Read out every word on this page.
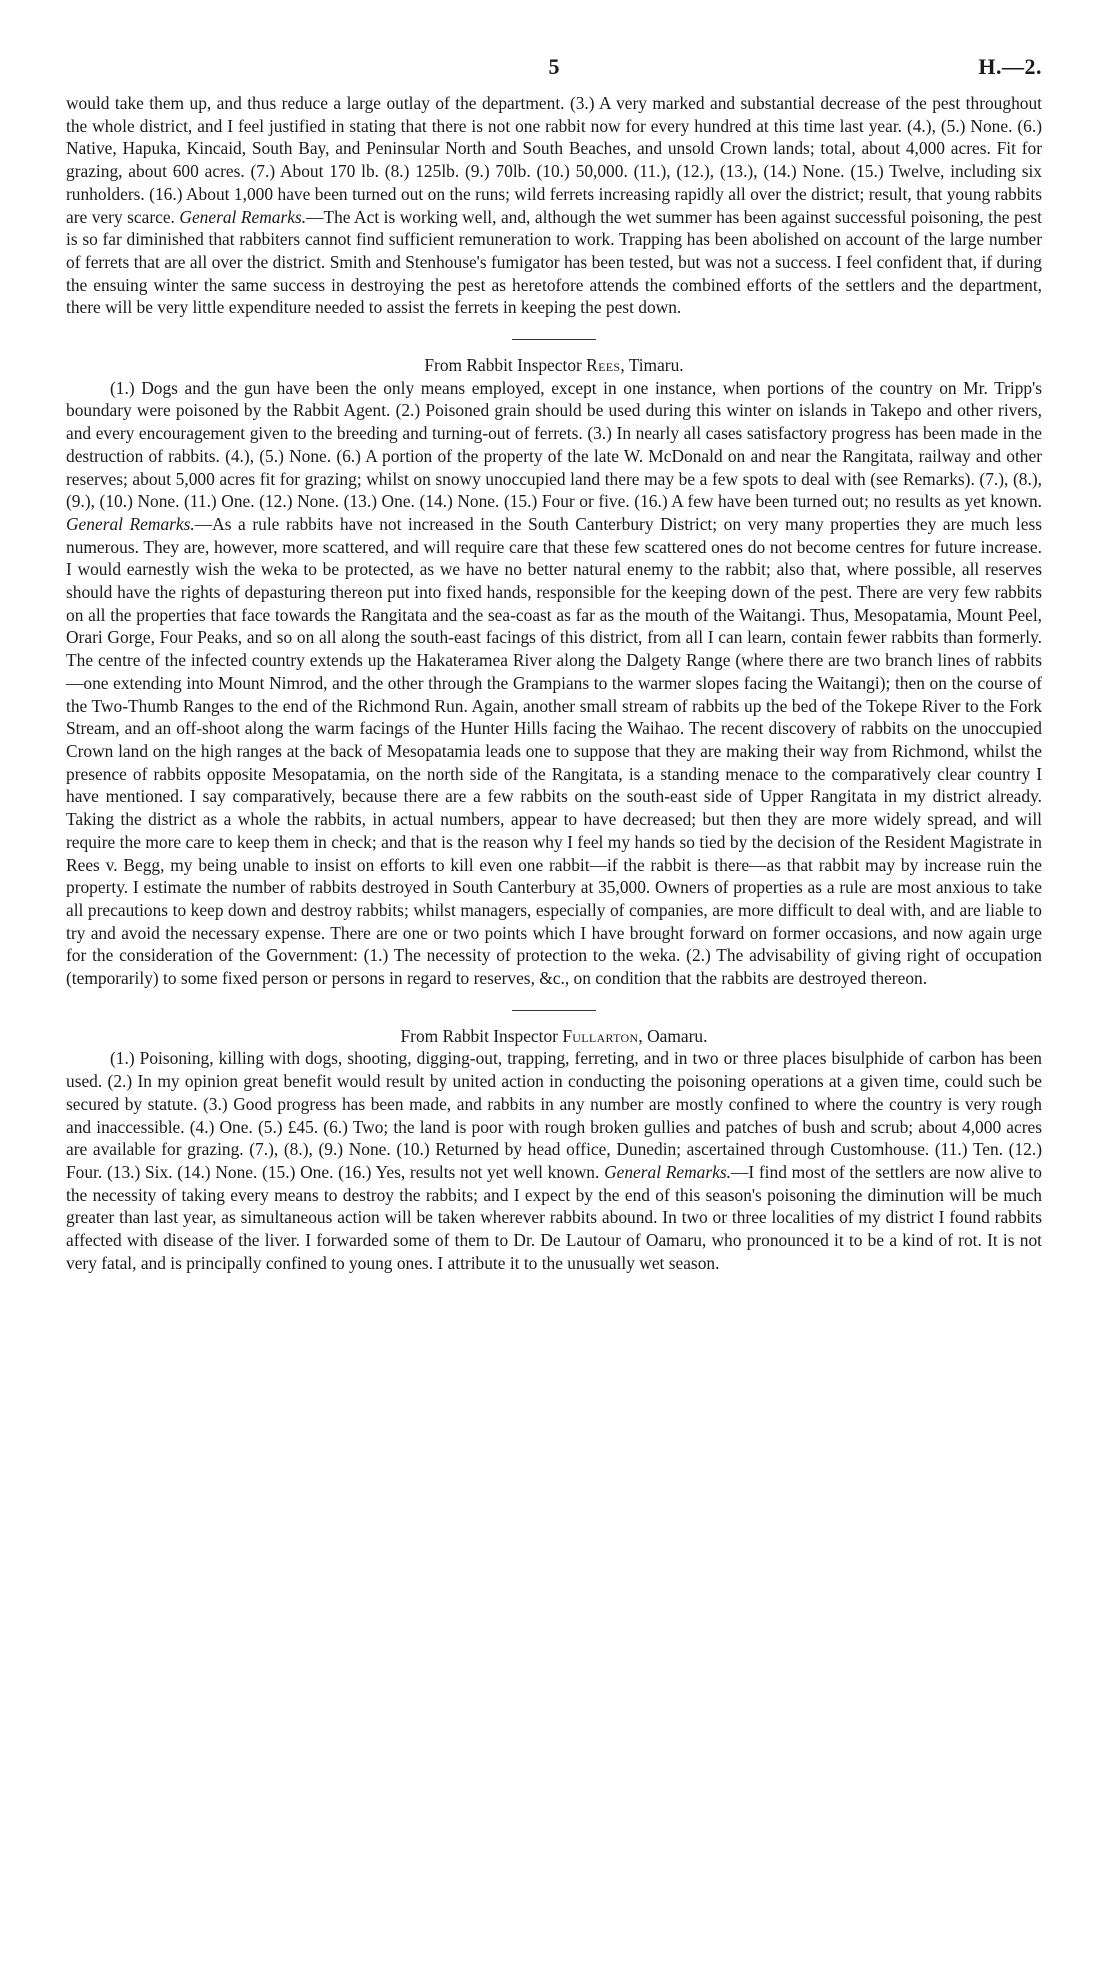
5	H.—2.

would take them up, and thus reduce a large outlay of the department. (3.) A very marked and substantial decrease of the pest throughout the whole district, and I feel justified in stating that there is not one rabbit now for every hundred at this time last year. (4.), (5.) None. (6.) Native, Hapuka, Kincaid, South Bay, and Peninsular North and South Beaches, and unsold Crown lands; total, about 4,000 acres. Fit for grazing, about 600 acres. (7.) About 170 lb. (8.) 125lb. (9.) 70lb. (10.) 50,000. (11.), (12.), (13.), (14.) None. (15.) Twelve, including six runholders. (16.) About 1,000 have been turned out on the runs; wild ferrets increasing rapidly all over the district; result, that young rabbits are very scarce. General Remarks.—The Act is working well, and, although the wet summer has been against successful poisoning, the pest is so far diminished that rabbiters cannot find sufficient remuneration to work. Trapping has been abolished on account of the large number of ferrets that are all over the district. Smith and Stenhouse's fumigator has been tested, but was not a success. I feel confident that, if during the ensuing winter the same success in destroying the pest as heretofore attends the combined efforts of the settlers and the department, there will be very little expenditure needed to assist the ferrets in keeping the pest down.

From Rabbit Inspector Rees, Timaru.

(1.) Dogs and the gun have been the only means employed, except in one instance, when portions of the country on Mr. Tripp's boundary were poisoned by the Rabbit Agent. (2.) Poisoned grain should be used during this winter on islands in Takepo and other rivers, and every encouragement given to the breeding and turning-out of ferrets. (3.) In nearly all cases satisfactory progress has been made in the destruction of rabbits. (4.), (5.) None. (6.) A portion of the property of the late W. McDonald on and near the Rangitata, railway and other reserves; about 5,000 acres fit for grazing; whilst on snowy unoccupied land there may be a few spots to deal with (see Remarks). (7.), (8.), (9.), (10.) None. (11.) One. (12.) None. (13.) One. (14.) None. (15.) Four or five. (16.) A few have been turned out; no results as yet known. General Remarks.—As a rule rabbits have not increased in the South Canterbury District; on very many properties they are much less numerous. They are, however, more scattered, and will require care that these few scattered ones do not become centres for future increase. I would earnestly wish the weka to be protected, as we have no better natural enemy to the rabbit; also that, where possible, all reserves should have the rights of depasturing thereon put into fixed hands, responsible for the keeping down of the pest. There are very few rabbits on all the properties that face towards the Rangitata and the sea-coast as far as the mouth of the Waitangi. Thus, Mesopatamia, Mount Peel, Orari Gorge, Four Peaks, and so on all along the south-east facings of this district, from all I can learn, contain fewer rabbits than formerly. The centre of the infected country extends up the Hakateramea River along the Dalgety Range (where there are two branch lines of rabbits—one extending into Mount Nimrod, and the other through the Grampians to the warmer slopes facing the Waitangi); then on the course of the Two-Thumb Ranges to the end of the Richmond Run. Again, another small stream of rabbits up the bed of the Tokepe River to the Fork Stream, and an off-shoot along the warm facings of the Hunter Hills facing the Waihao. The recent discovery of rabbits on the unoccupied Crown land on the high ranges at the back of Mesopatamia leads one to suppose that they are making their way from Richmond, whilst the presence of rabbits opposite Mesopatamia, on the north side of the Rangitata, is a standing menace to the comparatively clear country I have mentioned. I say comparatively, because there are a few rabbits on the south-east side of Upper Rangitata in my district already. Taking the district as a whole the rabbits, in actual numbers, appear to have decreased; but then they are more widely spread, and will require the more care to keep them in check; and that is the reason why I feel my hands so tied by the decision of the Resident Magistrate in Rees v. Begg, my being unable to insist on efforts to kill even one rabbit—if the rabbit is there—as that rabbit may by increase ruin the property. I estimate the number of rabbits destroyed in South Canterbury at 35,000. Owners of properties as a rule are most anxious to take all precautions to keep down and destroy rabbits; whilst managers, especially of companies, are more difficult to deal with, and are liable to try and avoid the necessary expense. There are one or two points which I have brought forward on former occasions, and now again urge for the consideration of the Government: (1.) The necessity of protection to the weka. (2.) The advisability of giving right of occupation (temporarily) to some fixed person or persons in regard to reserves, &c., on condition that the rabbits are destroyed thereon.

From Rabbit Inspector Fullarton, Oamaru.

(1.) Poisoning, killing with dogs, shooting, digging-out, trapping, ferreting, and in two or three places bisulphide of carbon has been used. (2.) In my opinion great benefit would result by united action in conducting the poisoning operations at a given time, could such be secured by statute. (3.) Good progress has been made, and rabbits in any number are mostly confined to where the country is very rough and inaccessible. (4.) One. (5.) £45. (6.) Two; the land is poor with rough broken gullies and patches of bush and scrub; about 4,000 acres are available for grazing. (7.), (8.), (9.) None. (10.) Returned by head office, Dunedin; ascertained through Customhouse. (11.) Ten. (12.) Four. (13.) Six. (14.) None. (15.) One. (16.) Yes, results not yet well known. General Remarks.—I find most of the settlers are now alive to the necessity of taking every means to destroy the rabbits; and I expect by the end of this season's poisoning the diminution will be much greater than last year, as simultaneous action will be taken wherever rabbits abound. In two or three localities of my district I found rabbits affected with disease of the liver. I forwarded some of them to Dr. De Lautour of Oamaru, who pronounced it to be a kind of rot. It is not very fatal, and is principally confined to young ones. I attribute it to the unusually wet season.
